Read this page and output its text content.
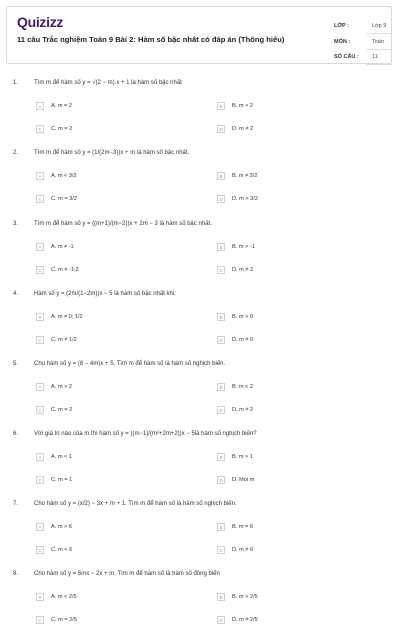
Quizizz
11 câu Trắc nghiệm Toán 9 Bài 2: Hàm số bậc nhất có đáp án (Thông hiểu)
LỚP :	Lớp 9
MÔN :	Toán
SỐ CÂU : 11
1.	Tìm m để hàm số y = √(2 − m).x + 1 là hàm số bậc nhất
A	A. m = 2	B	B. m > 2
C	C. m = 2	D	D. m ≠ 2
2.	Tìm m để hàm số y = (1/(2m−3))x + m là hàm số bậc nhất.
A	A. m < 3/2	B	B. m ≠ 3/2
C	C. m = 3/2	D	D. m > 3/2
3.	Tìm m để hàm số y = ((m+1)/(m−2))x + 2m − 3 là hàm số bậc nhất.
A	A. m ≠ -1	B	B. m > -1
C	C. m ≠ -1;2	D	D. m ≠ 2
4.	Hàm số y = (2m/(1−2m))x − 5 là hàm số bậc nhất khi:
A	A. m ≠ 0; 1/2	B	B. m > 0
C	C. m ≠ 1/2	D	D. m ≠ 0
5.	Cho hàm số y = (8 − 4m)x + 5. Tìm m để hàm số là hàm số nghịch biến.
A	A. m > 2	B	B. m < 2
C	C. m = 2	D	D. m ≠ 2
6.	Với giá trị nào của m thì hàm số y = ((m−1)/(m²+2m+2))x − 5là hàm số nghịch biến?
A	A. m < 1	B	B. m > 1
C	C. m = 1	D	D. Mọi m
7.	Cho hàm số y = (x/2) − 3x + m + 1. Tìm m để hàm số là hàm số nghịch biến.
A	A. m > 6	B	B. m = 6
C	C. m < 6	D	D. m ≠ 6
8.	Cho hàm số y = 5mx − 2x + m. Tìm m để hàm số là hàm số đồng biến
A	A. m < 2/5	B	B. m > 2/5
C	C. m = 2/5	D	D. m ≠ 2/5
